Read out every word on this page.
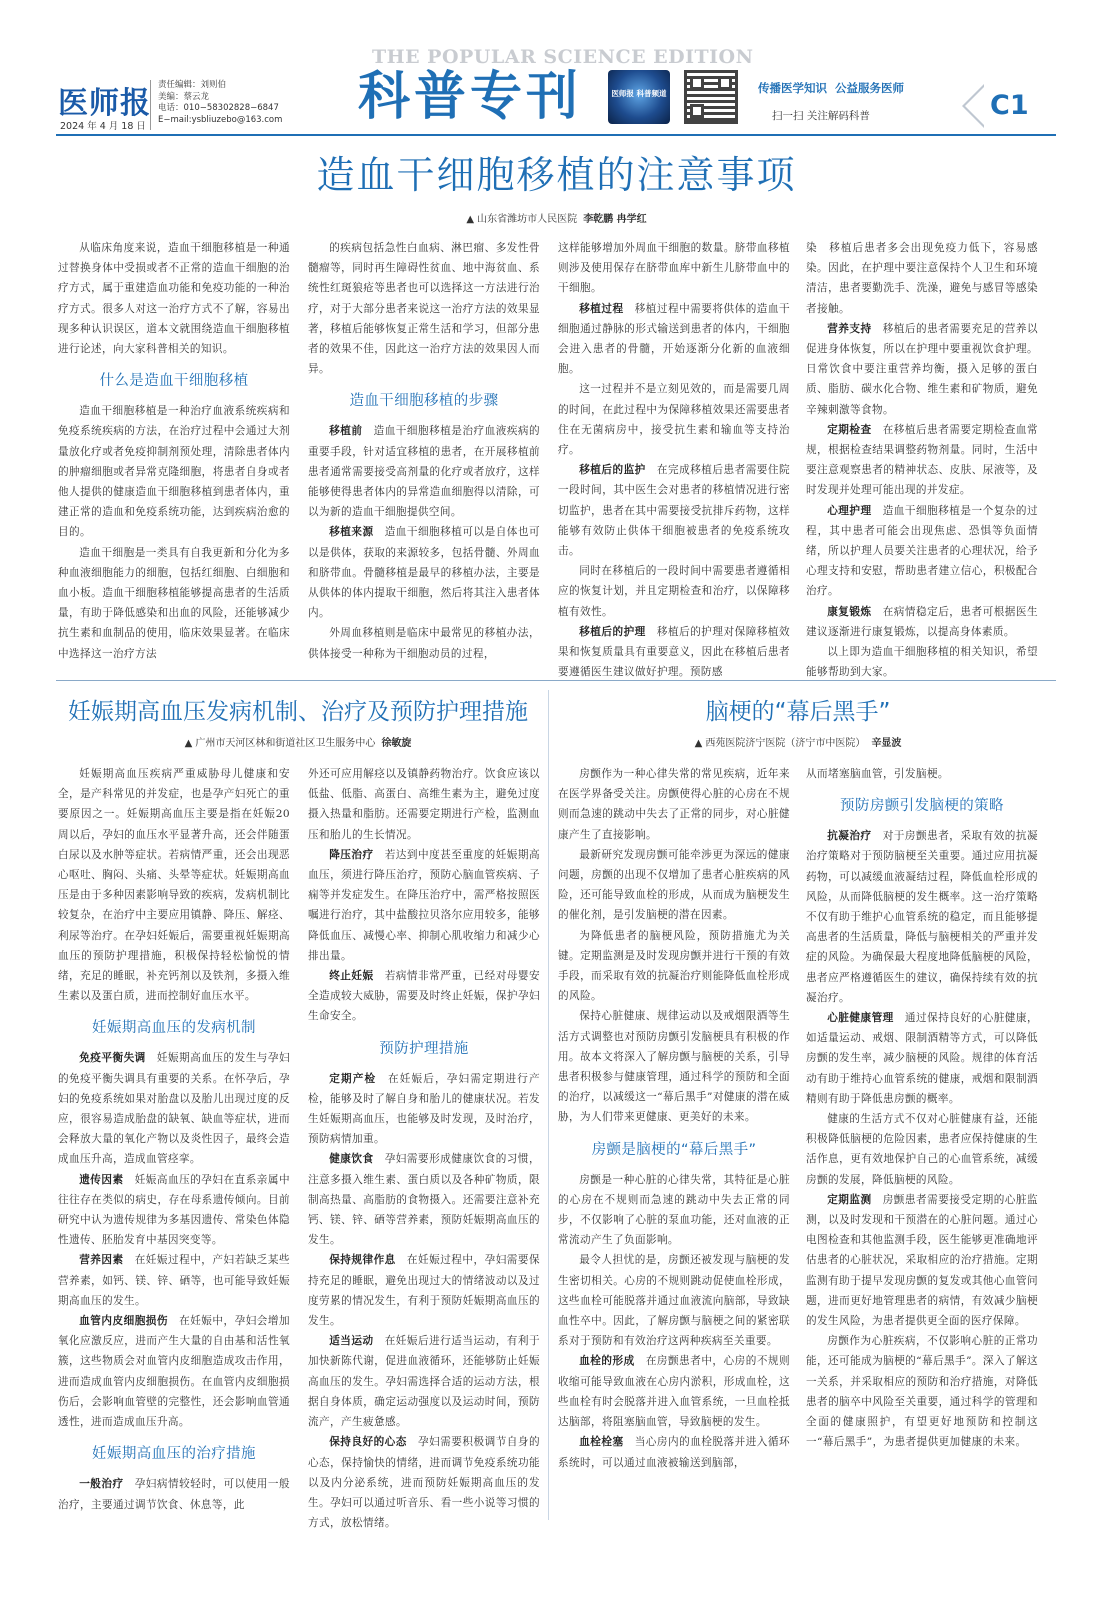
医师报
2024 年 4 月 18 日
责任编辑：刘则伯
美编：蔡云龙
电话：010−58302828−6847
E−mail:ysbliuzebo@163.com
THE POPULAR SCIENCE EDITION
科普专刊	医师报 科普频道	传播医学知识 公益服务医师
扫一扫 关注解码科普	C1
造血干细胞移植的注意事项
▲ 山东省潍坊市人民医院 李乾鹏 冉学红

从临床角度来说，造血干细胞移植是一种通过替换身体中受损或者不正常的造血干细胞的治疗方式，属于重建造血功能和免疫功能的一种治疗方式。很多人对这一治疗方式不了解，容易出现多种认识误区，道本文就围绕造血干细胞移植进行论述，向大家科普相关的知识。

什么是造血干细胞移植

造血干细胞移植是一种治疗血液系统疾病和免疫系统疾病的方法，在治疗过程中会通过大剂量放化疗或者免疫抑制剂预处理，清除患者体内的肿瘤细胞或者异常克隆细胞，将患者自身或者他人提供的健康造血干细胞移植到患者体内，重建正常的造血和免疫系统功能，达到疾病治愈的目的。

造血干细胞是一类具有自我更新和分化为多种血液细胞能力的细胞，包括红细胞、白细胞和血小板。造血干细胞移植能够提高患者的生活质量，有助于降低感染和出血的风险，还能够减少抗生素和血制品的使用，临床效果显著。在临床中选择这一治疗方法

的疾病包括急性白血病、淋巴瘤、多发性骨髓瘤等，同时再生障碍性贫血、地中海贫血、系统性红斑狼疮等患者也可以选择这一方法进行治疗，对于大部分患者来说这一治疗方法的效果显著，移植后能够恢复正常生活和学习，但部分患者的效果不佳，因此这一治疗方法的效果因人而异。

造血干细胞移植的步骤

移植前　 造血干细胞移植是治疗血液疾病的重要手段，针对适宜移植的患者，在开展移植前患者通常需要接受高剂量的化疗或者放疗，这样能够使得患者体内的异常造血细胞得以清除，可以为新的造血干细胞提供空间。

移植来源　 造血干细胞移植可以是自体也可以是供体，获取的来源较多，包括骨髓、外周血和脐带血。骨髓移植是最早的移植办法，主要是从供体的体内提取干细胞，然后将其注入患者体内。

外周血移植则是临床中最常见的移植办法，供体接受一种称为干细胞动员的过程，

这样能够增加外周血干细胞的数量。脐带血移植则涉及使用保存在脐带血库中新生儿脐带血中的干细胞。

移植过程　 移植过程中需要将供体的造血干细胞通过静脉的形式输送到患者的体内，干细胞会进入患者的骨髓，开始逐渐分化新的血液细胞。

这一过程并不是立刻见效的，而是需要几周的时间，在此过程中为保障移植效果还需要患者住在无菌病房中，接受抗生素和输血等支持治疗。

移植后的监护　 在完成移植后患者需要住院一段时间，其中医生会对患者的移植情况进行密切监护，患者在其中需要接受抗排斥药物，这样能够有效防止供体干细胞被患者的免疫系统攻击。

同时在移植后的一段时间中需要患者遵循相应的恢复计划，并且定期检查和治疗，以保障移植有效性。

移植后的护理　 移植后的护理对保障移植效果和恢复质量具有重要意义，因此在移植后患者要遵循医生建议做好护理。预防感

染　移植后患者多会出现免疫力低下，容易感染。因此，在护理中要注意保持个人卫生和环境清洁，患者要勤洗手、洗澡，避免与感冒等感染者接触。

营养支持　 移植后的患者需要充足的营养以促进身体恢复，所以在护理中要重视饮食护理。日常饮食中要注重营养均衡，摄入足够的蛋白质、脂肪、碳水化合物、维生素和矿物质，避免辛辣刺激等食物。

定期检查　 在移植后患者需要定期检查血常规，根据检查结果调整药物剂量。同时，生活中要注意观察患者的精神状态、皮肤、尿液等，及时发现并处理可能出现的并发症。

心理护理　 造血干细胞移植是一个复杂的过程，其中患者可能会出现焦虑、恐惧等负面情绪，所以护理人员要关注患者的心理状况，给予心理支持和安慰，帮助患者建立信心，积极配合治疗。

康复锻炼　 在病情稳定后，患者可根据医生建议逐渐进行康复锻炼，以提高身体素质。

以上即为造血干细胞移植的相关知识，希望能够帮助到大家。

妊娠期高血压发病机制、治疗及预防护理措施
▲ 广州市天河区林和街道社区卫生服务中心 徐敏旋

妊娠期高血压疾病严重威胁母儿健康和安全，是产科常见的并发症，也是孕产妇死亡的重要原因之一。妊娠期高血压主要是指在妊娠20周以后，孕妇的血压水平显著升高，还会伴随蛋白尿以及水肿等症状。若病情严重，还会出现恶心呕吐、胸闷、头痛、头晕等症状。妊娠期高血压是由于多种因素影响导致的疾病，发病机制比较复杂，在治疗中主要应用镇静、降压、解痉、利尿等治疗。在孕妇妊娠后，需要重视妊娠期高血压的预防护理措施，积极保持轻松愉悦的情绪，充足的睡眠，补充钙剂以及铁剂，多摄入维生素以及蛋白质，进而控制好血压水平。

妊娠期高血压的发病机制

免疫平衡失调　 妊娠期高血压的发生与孕妇的免疫平衡失调具有重要的关系。在怀孕后，孕妇的免疫系统如果对胎盘以及胎儿出现过度的反应，很容易造成胎盘的缺氧、缺血等症状，进而会释放大量的氧化产物以及炎性因子，最终会造成血压升高，造成血管痉挛。

遗传因素　 妊娠高血压的孕妇在直系亲属中往往存在类似的病史，存在母系遗传倾向。目前研究中认为遗传规律为多基因遗传、常染色体隐性遗传、胚胎发育中基因突变等。

营养因素　 在妊娠过程中，产妇若缺乏某些营养素，如钙、镁、锌、硒等，也可能导致妊娠期高血压的发生。

血管内皮细胞损伤　 在妊娠中，孕妇会增加氧化应激反应，进而产生大量的自由基和活性氧簇，这些物质会对血管内皮细胞造成攻击作用，进而造成血管内皮细胞损伤。在血管内皮细胞损伤后，会影响血管壁的完整性，还会影响血管通透性，进而造成血压升高。

妊娠期高血压的治疗措施

一般治疗　 孕妇病情较轻时，可以使用一般治疗，主要通过调节饮食、休息等，此

外还可应用解痉以及镇静药物治疗。饮食应该以低盐、低脂、高蛋白、高维生素为主，避免过度摄入热量和脂肪。还需要定期进行产检，监测血压和胎儿的生长情况。

降压治疗　 若达到中度甚至重度的妊娠期高血压，须进行降压治疗，预防心脑血管疾病、子痫等并发症发生。在降压治疗中，需严格按照医嘱进行治疗，其中盐酸拉贝洛尔应用较多，能够降低血压、减慢心率、抑制心肌收缩力和减少心排出量。

终止妊娠　 若病情非常严重，已经对母婴安全造成较大威胁，需要及时终止妊娠，保护孕妇生命安全。

预防护理措施

定期产检　 在妊娠后，孕妇需定期进行产检，能够及时了解自身和胎儿的健康状况。若发生妊娠期高血压，也能够及时发现，及时治疗，预防病情加重。

健康饮食　 孕妇需要形成健康饮食的习惯，注意多摄入维生素、蛋白质以及各种矿物质，限制高热量、高脂肪的食物摄入。还需要注意补充钙、镁、锌、硒等营养素，预防妊娠期高血压的发生。

保持规律作息　 在妊娠过程中，孕妇需要保持充足的睡眠，避免出现过大的情绪波动以及过度劳累的情况发生，有利于预防妊娠期高血压的发生。

适当运动　 在妊娠后进行适当运动，有利于加快新陈代谢，促进血液循环，还能够防止妊娠高血压的发生。孕妇需选择合适的运动方法，根据自身体质，确定运动强度以及运动时间，预防流产，产生疲惫感。

保持良好的心态　 孕妇需要积极调节自身的心态，保持愉快的情绪，进而调节免疫系统功能以及内分泌系统，进而预防妊娠期高血压的发生。孕妇可以通过听音乐、看一些小说等习惯的方式，放松情绪。

脑梗的“幕后黑手”
▲ 西苑医院济宁医院（济宁市中医院） 辛显波

房颤作为一种心律失常的常见疾病，近年来在医学界备受关注。房颤使得心脏的心房在不规则而急速的跳动中失去了正常的同步，对心脏健康产生了直接影响。

最新研究发现房颤可能牵涉更为深远的健康问题，房颤的出现不仅增加了患者心脏疾病的风险，还可能导致血栓的形成，从而成为脑梗发生的催化剂，是引发脑梗的潜在因素。

为降低患者的脑梗风险，预防措施尤为关键。定期监测是及时发现房颤并进行干预的有效手段，而采取有效的抗凝治疗则能降低血栓形成的风险。

保持心脏健康、规律运动以及戒烟限酒等生活方式调整也对预防房颤引发脑梗具有积极的作用。故本文将深入了解房颤与脑梗的关系，引导患者积极参与健康管理，通过科学的预防和全面的治疗，以减缓这一“幕后黑手”对健康的潜在威胁，为人们带来更健康、更美好的未来。

房颤是脑梗的“幕后黑手”

房颤是一种心脏的心律失常，其特征是心脏的心房在不规则而急速的跳动中失去正常的同步，不仅影响了心脏的泵血功能，还对血液的正常流动产生了负面影响。

最令人担忧的是，房颤还被发现与脑梗的发生密切相关。心房的不规则跳动促使血栓形成，这些血栓可能脱落并通过血液流向脑部，导致缺血性卒中。因此，了解房颤与脑梗之间的紧密联系对于预防和有效治疗这两种疾病至关重要。

血栓的形成　 在房颤患者中，心房的不规则收缩可能导致血液在心房内淤积，形成血栓，这些血栓有时会脱落并进入血管系统，一旦血栓抵达脑部，将阻塞脑血管，导致脑梗的发生。

血栓栓塞　 当心房内的血栓脱落并进入循环系统时，可以通过血液被输送到脑部，

从而堵塞脑血管，引发脑梗。

预防房颤引发脑梗的策略

抗凝治疗　 对于房颤患者，采取有效的抗凝治疗策略对于预防脑梗至关重要。通过应用抗凝药物，可以减缓血液凝结过程，降低血栓形成的风险，从而降低脑梗的发生概率。这一治疗策略不仅有助于维护心血管系统的稳定，而且能够提高患者的生活质量，降低与脑梗相关的严重并发症的风险。为确保最大程度地降低脑梗的风险，患者应严格遵循医生的建议，确保持续有效的抗凝治疗。

心脏健康管理　 通过保持良好的心脏健康，如适量运动、戒烟、限制酒精等方式，可以降低房颤的发生率，减少脑梗的风险。规律的体育活动有助于维持心血管系统的健康，戒烟和限制酒精则有助于降低患房颤的概率。

健康的生活方式不仅对心脏健康有益，还能积极降低脑梗的危险因素，患者应保持健康的生活作息，更有效地保护自己的心血管系统，减缓房颤的发展，降低脑梗的风险。

定期监测　 房颤患者需要接受定期的心脏监测，以及时发现和干预潜在的心脏问题。通过心电图检查和其他监测手段，医生能够更准确地评估患者的心脏状况，采取相应的治疗措施。定期监测有助于提早发现房颤的复发或其他心血管问题，进而更好地管理患者的病情，有效减少脑梗的发生风险，为患者提供更全面的医疗保障。

房颤作为心脏疾病，不仅影响心脏的正常功能，还可能成为脑梗的“幕后黑手”。深入了解这一关系，并采取相应的预防和治疗措施，对降低患者的脑卒中风险至关重要，通过科学的管理和全面的健康照护，有望更好地预防和控制这一“幕后黑手”，为患者提供更加健康的未来。
